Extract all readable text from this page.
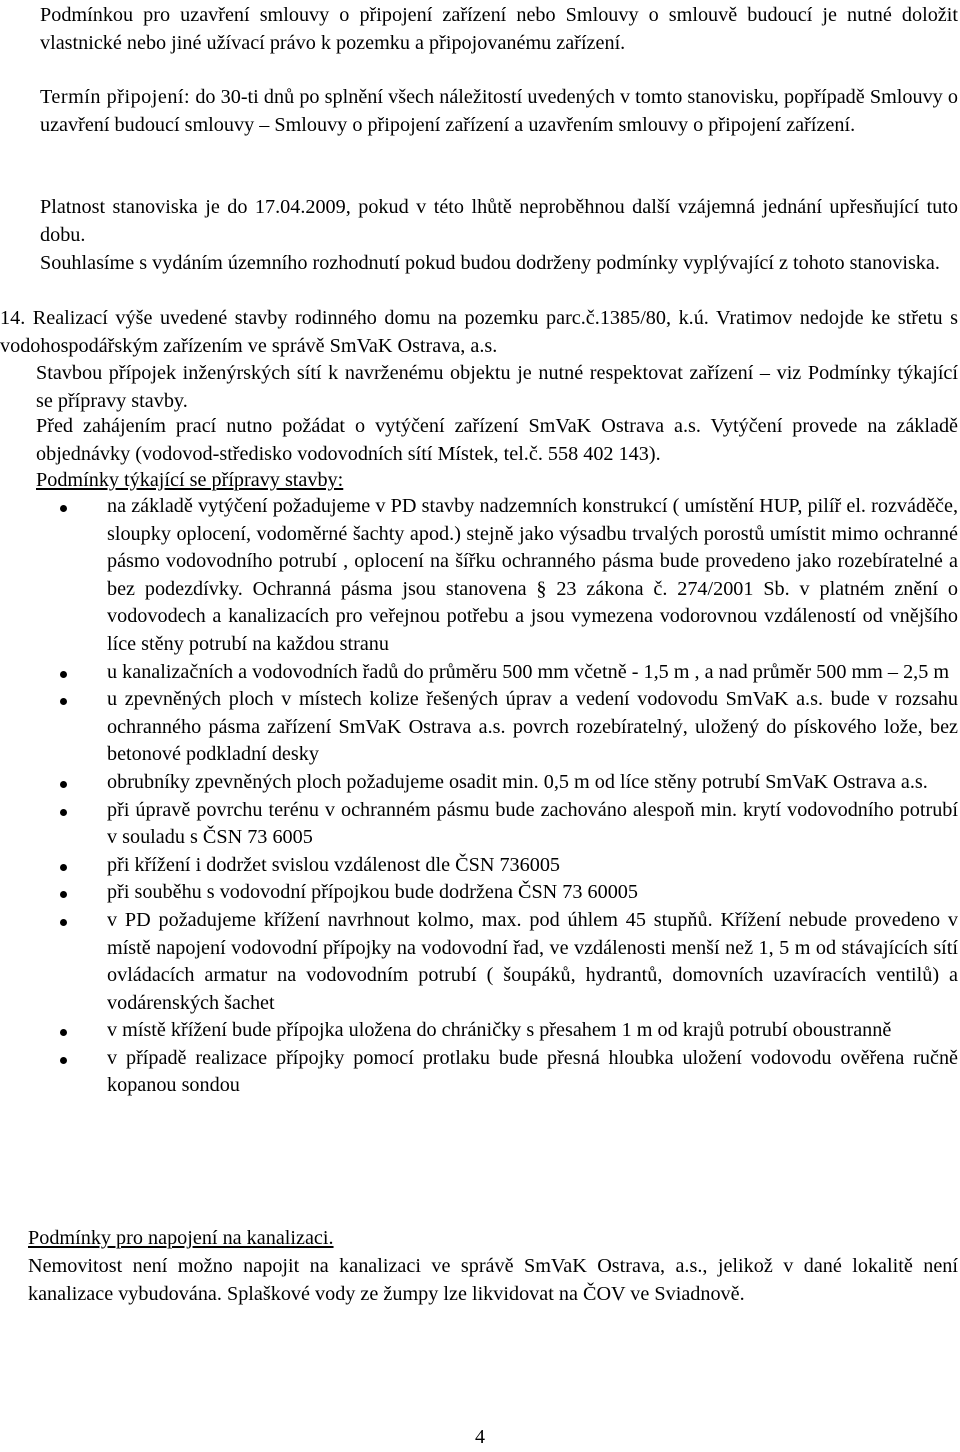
Podmínkou pro uzavření smlouvy o připojení zařízení nebo Smlouvy o smlouvě budoucí je nutné doložit vlastnické nebo jiné užívací právo k pozemku a připojovanému zařízení.

Termín připojení: do 30-ti dnů po splnění všech náležitostí uvedených v tomto stanovisku, popřípadě Smlouvy o uzavření budoucí smlouvy – Smlouvy o připojení zařízení a uzavřením smlouvy o připojení zařízení.

Platnost stanoviska je do 17.04.2009, pokud v této lhůtě neproběhnou další vzájemná jednání upřesňující tuto dobu.

Souhlasíme s vydáním územního rozhodnutí pokud budou dodrženy podmínky vyplývající z tohoto stanoviska.

14. Realizací výše uvedené stavby rodinného domu na pozemku parc.č.1385/80, k.ú. Vratimov nedojde ke střetu s vodohospodářským zařízením ve správě SmVaK Ostrava, a.s.

Stavbou přípojek inženýrských sítí k navrženému objektu je nutné respektovat zařízení – viz Podmínky týkající se přípravy stavby.

Před zahájením prací nutno požádat o vytýčení zařízení SmVaK Ostrava a.s. Vytýčení provede na základě objednávky (vodovod-středisko vodovodních sítí Místek, tel.č. 558 402 143).

Podmínky týkající se přípravy stavby:

na základě vytýčení požadujeme v PD stavby nadzemních konstrukcí ( umístění HUP, pilíř el. rozváděče, sloupky oplocení, vodoměrné šachty apod.) stejně jako výsadbu trvalých porostů umístit mimo ochranné pásmo vodovodního potrubí , oplocení na šířku ochranného pásma bude provedeno jako rozebíratelné a bez podezdívky. Ochranná pásma jsou stanovena § 23 zákona č. 274/2001 Sb. v platném znění o vodovodech a kanalizacích pro veřejnou potřebu a jsou vymezena vodorovnou vzdáleností od vnějšího líce stěny potrubí na každou stranu
u kanalizačních a vodovodních řadů do průměru 500 mm včetně - 1,5 m , a nad průměr 500 mm – 2,5 m
u zpevněných ploch v místech kolize řešených úprav a vedení vodovodu SmVaK a.s. bude v rozsahu ochranného pásma zařízení SmVaK Ostrava a.s. povrch rozebíratelný, uložený do pískového lože, bez betonové podkladní desky
obrubníky zpevněných ploch požadujeme osadit min. 0,5 m od líce stěny potrubí SmVaK Ostrava a.s.
při úpravě povrchu terénu v ochranném pásmu bude zachováno alespoň min. krytí vodovodního potrubí v souladu s ČSN 73 6005
při křížení i dodržet svislou vzdálenost dle ČSN 736005
při souběhu s vodovodní přípojkou bude dodržena ČSN 73 60005
v PD požadujeme křížení navrhnout kolmo, max. pod úhlem 45 stupňů. Křížení nebude provedeno v místě napojení vodovodní přípojky na vodovodní řad, ve vzdálenosti menší než 1, 5 m od stávajících sítí ovládacích armatur na vodovodním potrubí ( šoupáků, hydrantů, domovních uzavíracích ventilů) a vodárenských šachet
v místě křížení bude přípojka uložena do chráničky s přesahem 1 m od krajů potrubí oboustranně
v případě realizace přípojky pomocí protlaku bude přesná hloubka uložení vodovodu ověřena ručně kopanou sondou

Podmínky pro napojení na kanalizaci.

Nemovitost není možno napojit na kanalizaci ve správě SmVaK Ostrava, a.s., jelikož v dané lokalitě není kanalizace vybudována. Splaškové vody ze žumpy lze likvidovat na ČOV ve Sviadnově.

4
